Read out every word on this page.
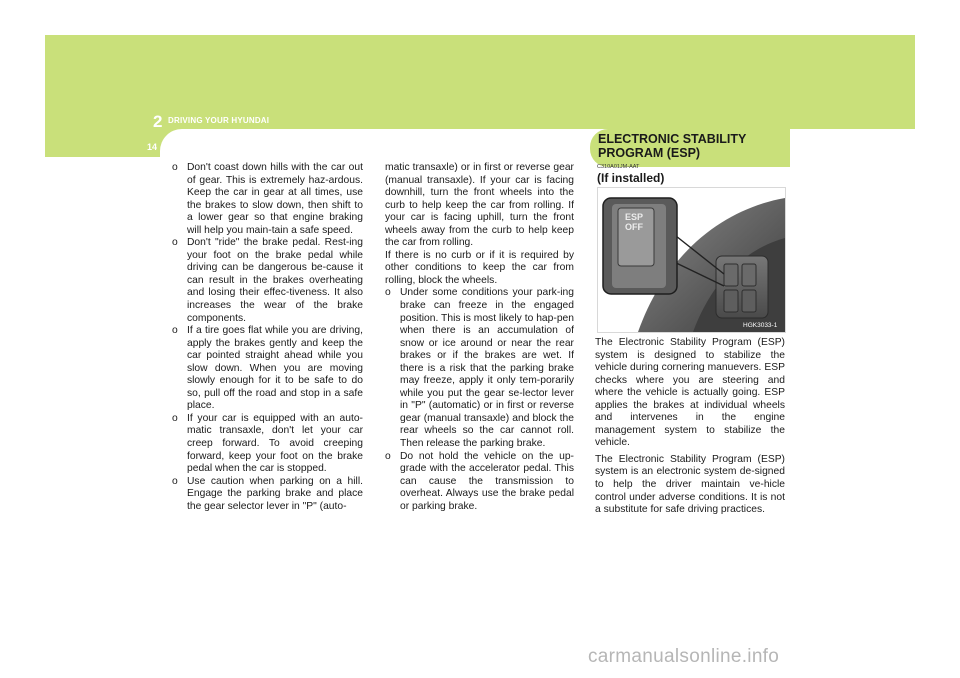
2 DRIVING YOUR HYUNDAI
14
ELECTRONIC STABILITY
PROGRAM (ESP)
o Don't coast down hills with the car out of gear. This is extremely haz-ardous. Keep the car in gear at all times, use the brakes to slow down, then shift to a lower gear so that engine braking will help you main-tain a safe speed.
o Don't "ride" the brake pedal. Rest-ing your foot on the brake pedal while driving can be dangerous be-cause it can result in the brakes overheating and losing their effec-tiveness. It also increases the wear of the brake components.
o If a tire goes flat while you are driving, apply the brakes gently and keep the car pointed straight ahead while you slow down. When you are moving slowly enough for it to be safe to do so, pull off the road and stop in a safe place.
o If your car is equipped with an auto-matic transaxle, don't let your car creep forward. To avoid creeping forward, keep your foot on the brake pedal when the car is stopped.
o Use caution when parking on a hill. Engage the parking brake and place the gear selector lever in "P" (auto-
matic transaxle) or in first or reverse gear (manual transaxle). If your car is facing downhill, turn the front wheels into the curb to help keep the car from rolling. If your car is facing uphill, turn the front wheels away from the curb to help keep the car from rolling.
If there is no curb or if it is required by other conditions to keep the car from rolling, block the wheels.
o Under some conditions your park-ing brake can freeze in the engaged position. This is most likely to hap-pen when there is an accumulation of snow or ice around or near the rear brakes or if the brakes are wet. If there is a risk that the parking brake may freeze, apply it only tem-porarily while you put the gear se-lector lever in "P" (automatic) or in first or reverse gear (manual transaxle) and block the rear wheels so the car cannot roll. Then release the parking brake.
o Do not hold the vehicle on the up-grade with the accelerator pedal. This can cause the transmission to overheat. Always use the brake pedal or parking brake.
C310A01JM-AAT
(If installed)
ESP
OFF
HGK3033-1

The Electronic Stability Program (ESP) system is designed to stabilize the vehicle during cornering manuevers. ESP checks where you are steering and where the vehicle is actually going. ESP applies the brakes at individual wheels and intervenes in the engine management system to stabilize the vehicle.

The Electronic Stability Program (ESP) system is an electronic system de-signed to help the driver maintain ve-hicle control under adverse conditions. It is not a substitute for safe driving practices.

carmanualsonline.info
